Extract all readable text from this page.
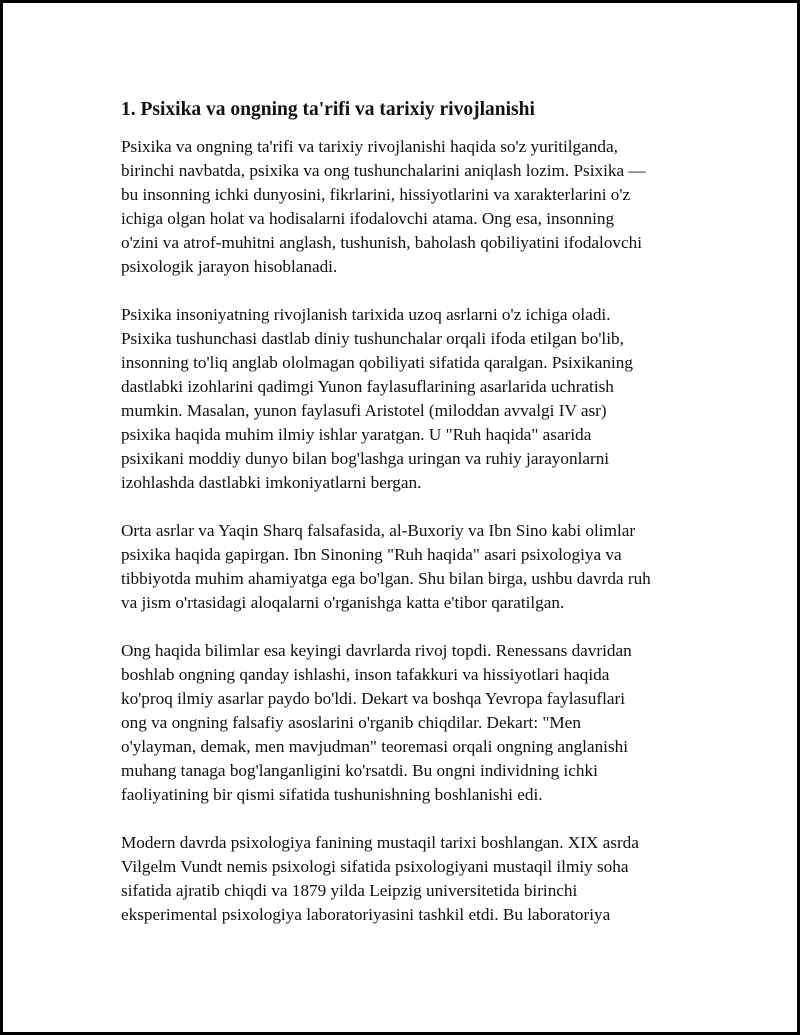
1. Psixika va ongning ta'rifi va tarixiy rivojlanishi

Psixika va ongning ta'rifi va tarixiy rivojlanishi haqida so'z yuritilganda,
birinchi navbatda, psixika va ong tushunchalarini aniqlash lozim. Psixika —
bu insonning ichki dunyosini, fikrlarini, hissiyotlarini va xarakterlarini o'z
ichiga olgan holat va hodisalarni ifodalovchi atama. Ong esa, insonning
o'zini va atrof-muhitni anglash, tushunish, baholash qobiliyatini ifodalovchi
psixologik jarayon hisoblanadi.

Psixika insoniyatning rivojlanish tarixida uzoq asrlarni o'z ichiga oladi.
Psixika tushunchasi dastlab diniy tushunchalar orqali ifoda etilgan bo'lib,
insonning to'liq anglab ololmagan qobiliyati sifatida qaralgan. Psixikaning
dastlabki izohlarini qadimgi Yunon faylasuflarining asarlarida uchratish
mumkin. Masalan, yunon faylasufi Aristotel (miloddan avvalgi IV asr)
psixika haqida muhim ilmiy ishlar yaratgan. U "Ruh haqida" asarida
psixikani moddiy dunyo bilan bog'lashga uringan va ruhiy jarayonlarni
izohlashda dastlabki imkoniyatlarni bergan.

Orta asrlar va Yaqin Sharq falsafasida, al-Buxoriy va Ibn Sino kabi olimlar
psixika haqida gapirgan. Ibn Sinoning "Ruh haqida" asari psixologiya va
tibbiyotda muhim ahamiyatga ega bo'lgan. Shu bilan birga, ushbu davrda ruh
va jism o'rtasidagi aloqalarni o'rganishga katta e'tibor qaratilgan.

Ong haqida bilimlar esa keyingi davrlarda rivoj topdi. Renessans davridan
boshlab ongning qanday ishlashi, inson tafakkuri va hissiyotlari haqida
ko'proq ilmiy asarlar paydo bo'ldi. Dekart va boshqa Yevropa faylasuflari
ong va ongning falsafiy asoslarini o'rganib chiqdilar. Dekart: "Men
o'ylayman, demak, men mavjudman" teoremasi orqali ongning anglanishi
muhang tanaga bog'langanligini ko'rsatdi. Bu ongni individning ichki
faoliyatining bir qismi sifatida tushunishning boshlanishi edi.

Modern davrda psixologiya fanining mustaqil tarixi boshlangan. XIX asrda
Vilgelm Vundt nemis psixologi sifatida psixologiyani mustaqil ilmiy soha
sifatida ajratib chiqdi va 1879 yilda Leipzig universitetida birinchi
eksperimental psixologiya laboratoriyasini tashkil etdi. Bu laboratoriya
